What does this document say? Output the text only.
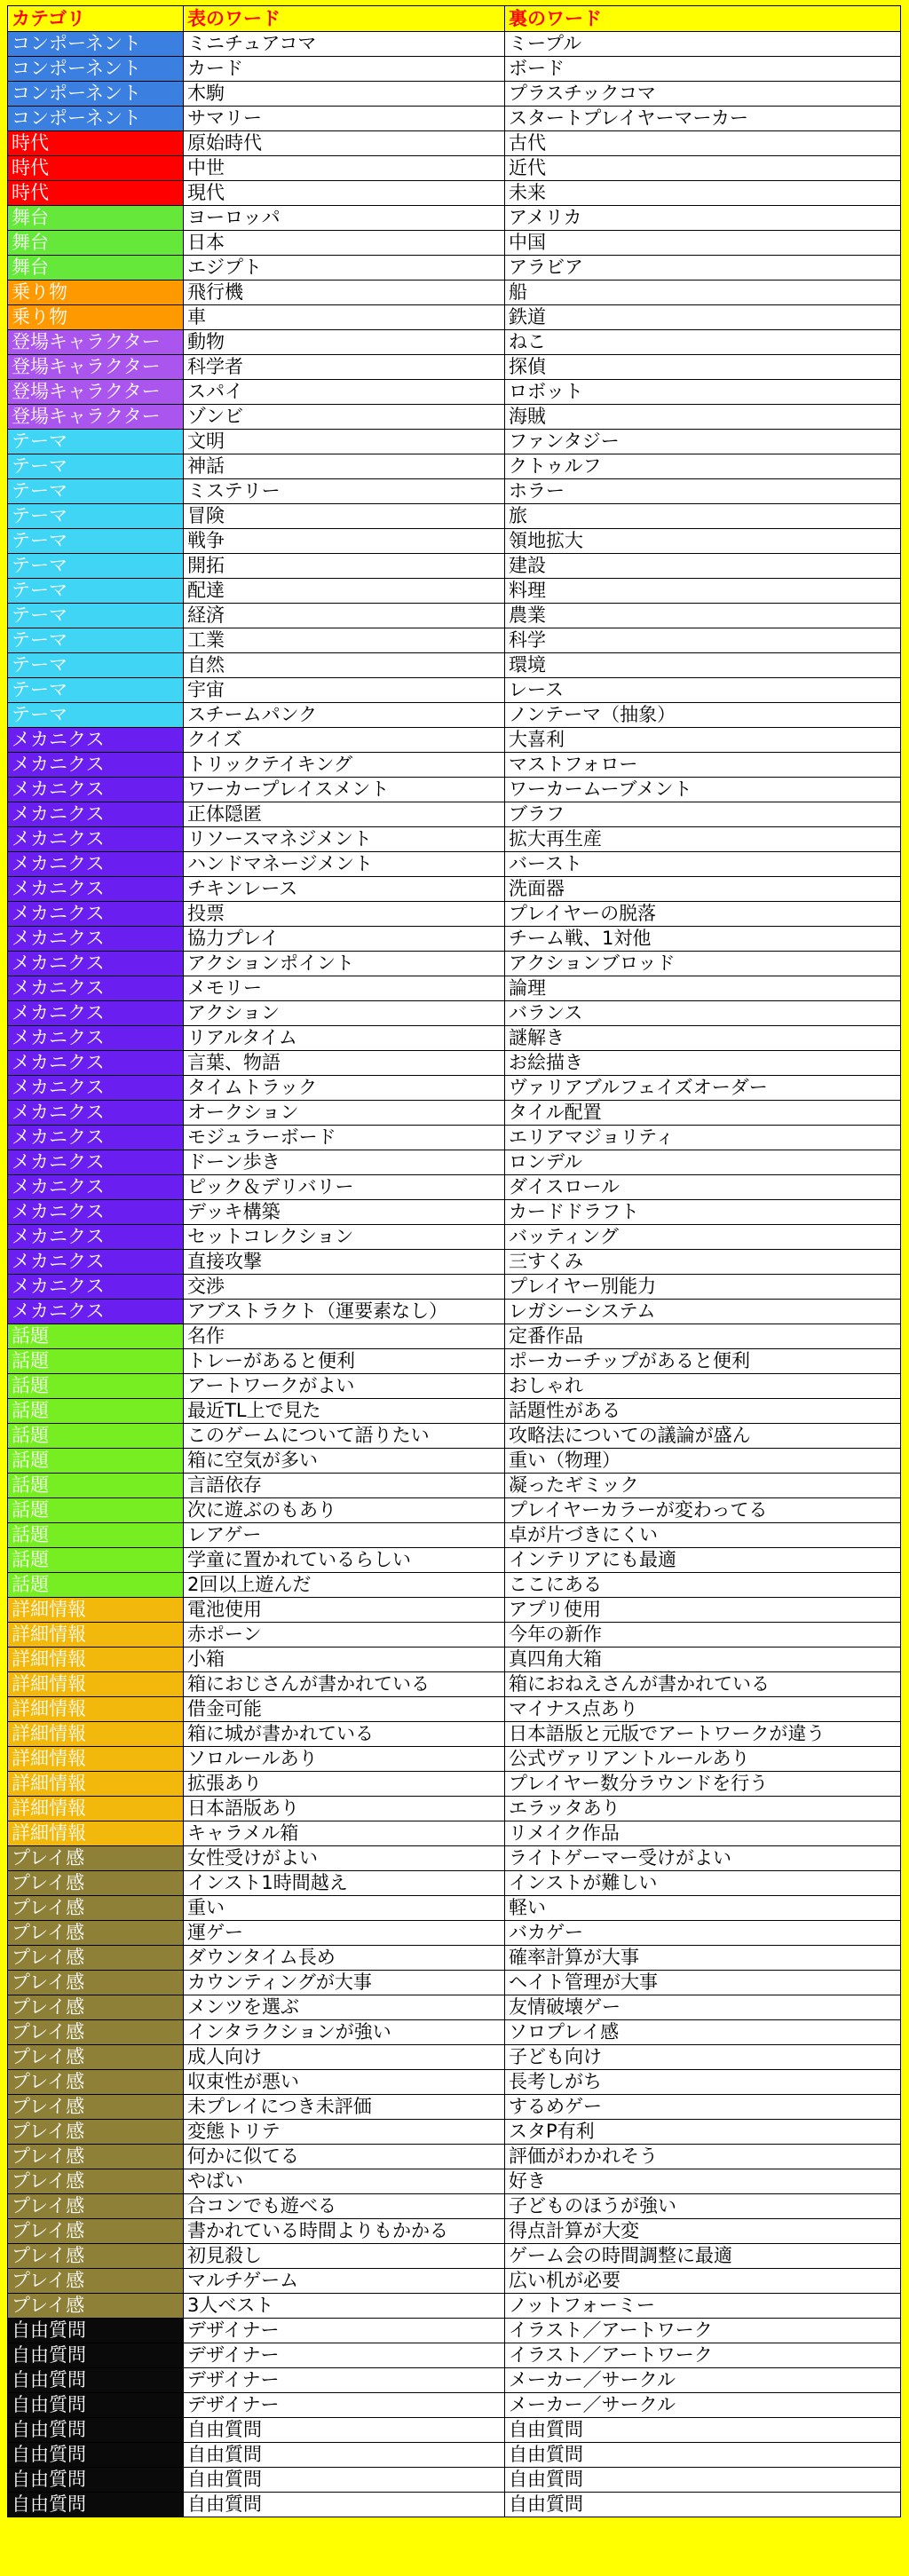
カテゴリ	表のワード	裏のワード
コンポーネント	ミニチュアコマ	ミープル
コンポーネント	カード	ボード
コンポーネント	木駒	プラスチックコマ
コンポーネント	サマリー	スタートプレイヤーマーカー
時代	原始時代	古代
時代	中世	近代
時代	現代	未来
舞台	ヨーロッパ	アメリカ
舞台	日本	中国
舞台	エジプト	アラビア
乗り物	飛行機	船
乗り物	車	鉄道
登場キャラクター	動物	ねこ
登場キャラクター	科学者	探偵
登場キャラクター	スパイ	ロボット
登場キャラクター	ゾンビ	海賊
テーマ	文明	ファンタジー
テーマ	神話	クトゥルフ
テーマ	ミステリー	ホラー
テーマ	冒険	旅
テーマ	戦争	領地拡大
テーマ	開拓	建設
テーマ	配達	料理
テーマ	経済	農業
テーマ	工業	科学
テーマ	自然	環境
テーマ	宇宙	レース
テーマ	スチームパンク	ノンテーマ（抽象）
メカニクス	クイズ	大喜利
メカニクス	トリックテイキング	マストフォロー
メカニクス	ワーカープレイスメント	ワーカームーブメント
メカニクス	正体隠匿	ブラフ
メカニクス	リソースマネジメント	拡大再生産
メカニクス	ハンドマネージメント	バースト
メカニクス	チキンレース	洗面器
メカニクス	投票	プレイヤーの脱落
メカニクス	協力プレイ	チーム戦、1対他
メカニクス	アクションポイント	アクションブロッド
メカニクス	メモリー	論理
メカニクス	アクション	バランス
メカニクス	リアルタイム	謎解き
メカニクス	言葉、物語	お絵描き
メカニクス	タイムトラック	ヴァリアブルフェイズオーダー
メカニクス	オークション	タイル配置
メカニクス	モジュラーボード	エリアマジョリティ
メカニクス	ドーン歩き	ロンデル
メカニクス	ピック＆デリバリー	ダイスロール
メカニクス	デッキ構築	カードドラフト
メカニクス	セットコレクション	バッティング
メカニクス	直接攻撃	三すくみ
メカニクス	交渉	プレイヤー別能力
メカニクス	アブストラクト（運要素なし）	レガシーシステム
話題	名作	定番作品
話題	トレーがあると便利	ポーカーチップがあると便利
話題	アートワークがよい	おしゃれ
話題	最近TL上で見た	話題性がある
話題	このゲームについて語りたい	攻略法についての議論が盛ん
話題	箱に空気が多い	重い（物理）
話題	言語依存	凝ったギミック
話題	次に遊ぶのもあり	プレイヤーカラーが変わってる
話題	レアゲー	卓が片づきにくい
話題	学童に置かれているらしい	インテリアにも最適
話題	2回以上遊んだ	ここにある
詳細情報	電池使用	アプリ使用
詳細情報	赤ポーン	今年の新作
詳細情報	小箱	真四角大箱
詳細情報	箱におじさんが書かれている	箱におねえさんが書かれている
詳細情報	借金可能	マイナス点あり
詳細情報	箱に城が書かれている	日本語版と元版でアートワークが違う
詳細情報	ソロルールあり	公式ヴァリアントルールあり
詳細情報	拡張あり	プレイヤー数分ラウンドを行う
詳細情報	日本語版あり	エラッタあり
詳細情報	キャラメル箱	リメイク作品
プレイ感	女性受けがよい	ライトゲーマー受けがよい
プレイ感	インスト1時間越え	インストが難しい
プレイ感	重い	軽い
プレイ感	運ゲー	バカゲー
プレイ感	ダウンタイム長め	確率計算が大事
プレイ感	カウンティングが大事	ヘイト管理が大事
プレイ感	メンツを選ぶ	友情破壊ゲー
プレイ感	インタラクションが強い	ソロプレイ感
プレイ感	成人向け	子ども向け
プレイ感	収束性が悪い	長考しがち
プレイ感	未プレイにつき未評価	するめゲー
プレイ感	変態トリテ	スタP有利
プレイ感	何かに似てる	評価がわかれそう
プレイ感	やばい	好き
プレイ感	合コンでも遊べる	子どものほうが強い
プレイ感	書かれている時間よりもかかる	得点計算が大変
プレイ感	初見殺し	ゲーム会の時間調整に最適
プレイ感	マルチゲーム	広い机が必要
プレイ感	3人ベスト	ノットフォーミー
自由質問	デザイナー	イラスト／アートワーク
自由質問	デザイナー	イラスト／アートワーク
自由質問	デザイナー	メーカー／サークル
自由質問	デザイナー	メーカー／サークル
自由質問	自由質問	自由質問
自由質問	自由質問	自由質問
自由質問	自由質問	自由質問
自由質問	自由質問	自由質問
